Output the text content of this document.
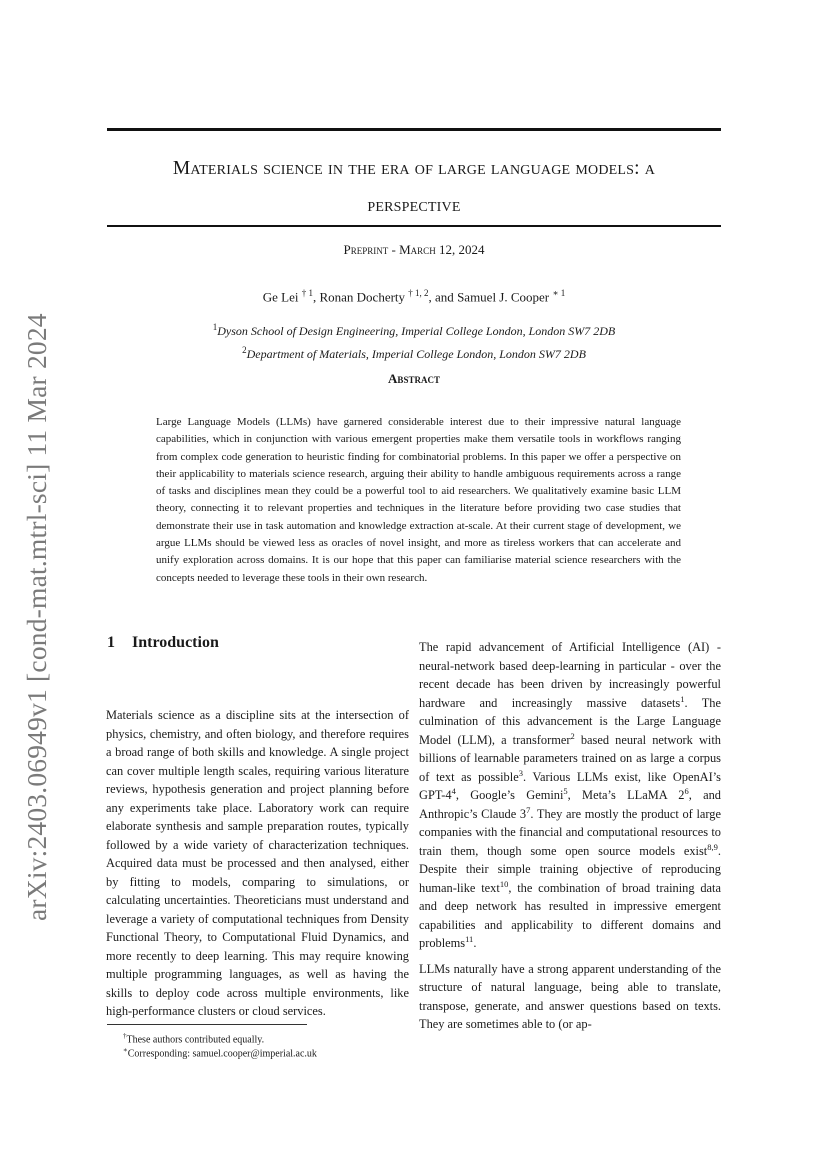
arXiv:2403.06949v1 [cond-mat.mtrl-sci] 11 Mar 2024
Materials science in the era of large language models: a
perspective
Preprint - March 12, 2024
Ge Lei $^{\dagger 1}$, Ronan Docherty $^{\dagger 1, 2}$, and Samuel J. Cooper $^{∗ 1}$
$^1$Dyson School of Design Engineering, Imperial College London, London SW7 2DB
$^2$Department of Materials, Imperial College London, London SW7 2DB
Abstract
Large Language Models (LLMs) have garnered considerable interest due to their impressive natural language capabilities, which in conjunction with various emergent properties make them versatile tools in workflows ranging from complex code generation to heuristic finding for combinatorial problems. In this paper we offer a perspective on their applicability to materials science research, arguing their ability to handle ambiguous requirements across a range of tasks and disciplines mean they could be a powerful tool to aid researchers. We qualitatively examine basic LLM theory, connecting it to relevant properties and techniques in the literature before providing two case studies that demonstrate their use in task automation and knowledge extraction at-scale. At their current stage of development, we argue LLMs should be viewed less as oracles of novel insight, and more as tireless workers that can accelerate and unify exploration across domains. It is our hope that this paper can familiarise material science researchers with the concepts needed to leverage these tools in their own research.
1 Introduction

Materials science as a discipline sits at the intersection of physics, chemistry, and often biology, and therefore requires a broad range of both skills and knowledge. A single project can cover multiple length scales, requiring various literature reviews, hypothesis generation and project planning before any experiments take place. Laboratory work can require elaborate synthesis and sample preparation routes, typically followed by a wide variety of characterization techniques. Acquired data must be processed and then analysed, either by fitting to models, comparing to simulations, or calculating uncertainties. Theoreticians must understand and leverage a variety of computational techniques from Density Functional Theory, to Computational Fluid Dynamics, and more recently to deep learning. This may require knowing multiple programming languages, as well as having the skills to deploy code across multiple environments, like high-performance clusters or cloud services.

The rapid advancement of Artificial Intelligence (AI) - neural-network based deep-learning in particular - over the recent decade has been driven by increasingly powerful hardware and increasingly massive datasets$^1$. The culmination of this advancement is the Large Language Model (LLM), a transformer$^2$ based neural network with billions of learnable parameters trained on as large a corpus of text as possible$^3$. Various LLMs exist, like OpenAI’s GPT-$4^4$, Google’s Gemini$^5$, Meta’s LLaMA $2^6$, and Anthropic’s Claude $3^7$. They are mostly the product of large companies with the financial and computational resources to train them, though some open source models exist$^{8,9}$. Despite their simple training objective of reproducing human-like text$^{10}$, the combination of broad training data and deep network has resulted in impressive emergent capabilities and applicability to different domains and problems$^{11}$.

LLMs naturally have a strong apparent understanding of the structure of natural language, being able to translate, transpose, generate, and answer questions based on texts. They are sometimes able to (or ap-

†These authors contributed equally.
∗Corresponding: samuel.cooper@imperial.ac.uk
